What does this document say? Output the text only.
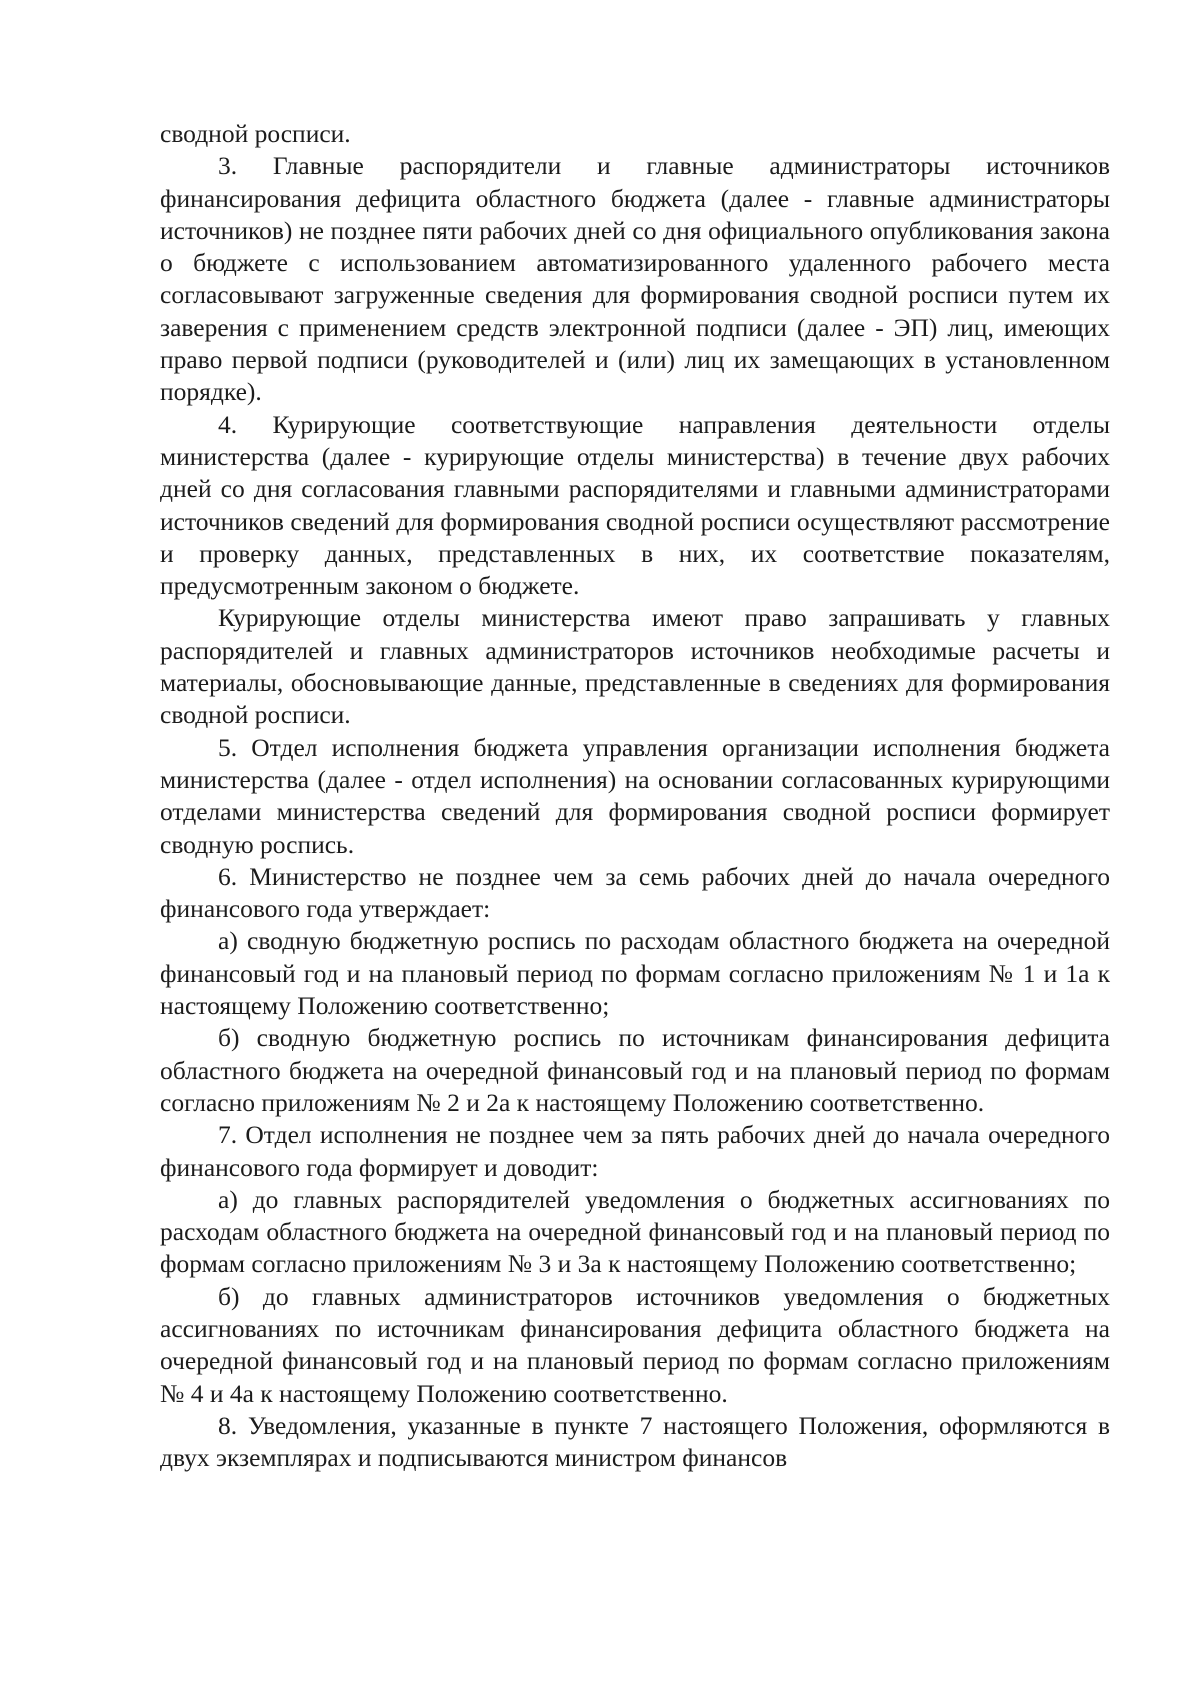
сводной росписи.

3. Главные распорядители и главные администраторы источников финансирования дефицита областного бюджета (далее - главные администраторы источников) не позднее пяти рабочих дней со дня официального опубликования закона о бюджете с использованием автоматизированного удаленного рабочего места согласовывают загруженные сведения для формирования сводной росписи путем их заверения с применением средств электронной подписи (далее - ЭП) лиц, имеющих право первой подписи (руководителей и (или) лиц их замещающих в установленном порядке).

4. Курирующие соответствующие направления деятельности отделы министерства (далее - курирующие отделы министерства) в течение двух рабочих дней со дня согласования главными распорядителями и главными администраторами источников сведений для формирования сводной росписи осуществляют рассмотрение и проверку данных, представленных в них, их соответствие показателям, предусмотренным законом о бюджете.

Курирующие отделы министерства имеют право запрашивать у главных распорядителей и главных администраторов источников необходимые расчеты и материалы, обосновывающие данные, представленные в сведениях для формирования сводной росписи.

5. Отдел исполнения бюджета управления организации исполнения бюджета министерства (далее - отдел исполнения) на основании согласованных курирующими отделами министерства сведений для формирования сводной росписи формирует сводную роспись.

6. Министерство не позднее чем за семь рабочих дней до начала очередного финансового года утверждает:

а) сводную бюджетную роспись по расходам областного бюджета на очередной финансовый год и на плановый период по формам согласно приложениям № 1 и 1а к настоящему Положению соответственно;

б) сводную бюджетную роспись по источникам финансирования дефицита областного бюджета на очередной финансовый год и на плановый период по формам согласно приложениям № 2 и 2а к настоящему Положению соответственно.

7. Отдел исполнения не позднее чем за пять рабочих дней до начала очередного финансового года формирует и доводит:

а) до главных распорядителей уведомления о бюджетных ассигнованиях по расходам областного бюджета на очередной финансовый год и на плановый период по формам согласно приложениям № 3 и 3а к настоящему Положению соответственно;

б) до главных администраторов источников уведомления о бюджетных ассигнованиях по источникам финансирования дефицита областного бюджета на очередной финансовый год и на плановый период по формам согласно приложениям № 4 и 4а к настоящему Положению соответственно.

8. Уведомления, указанные в пункте 7 настоящего Положения, оформляются в двух экземплярах и подписываются министром финансов
